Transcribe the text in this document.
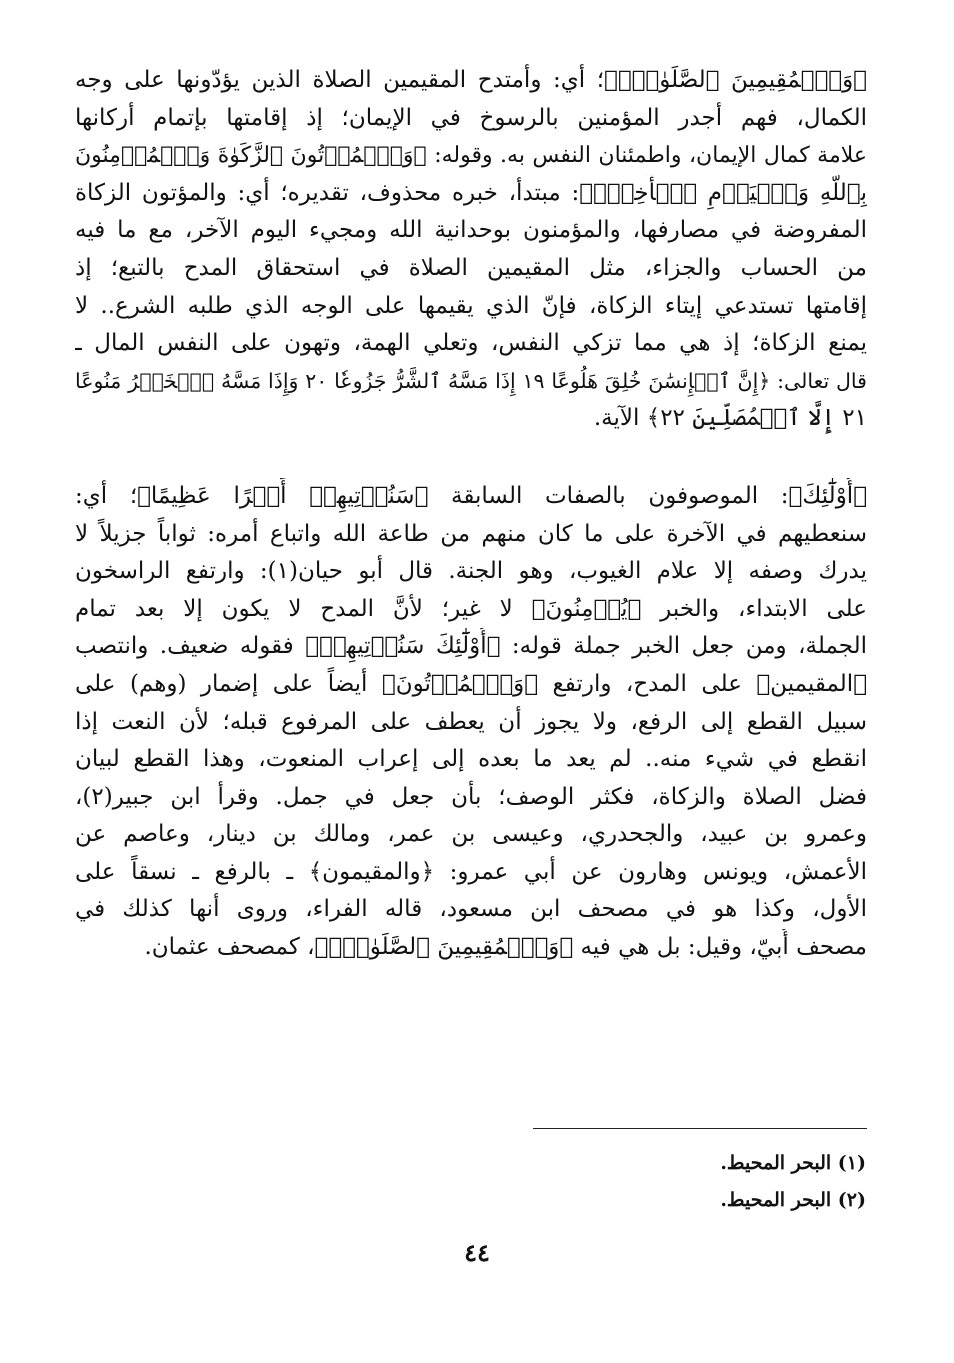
﴿وَٱلۡمُقِيمِينَ ٱلصَّلَوٰةَۚ﴾؛ أي: وأمتدح المقيمين الصلاة الذين يؤدّونها على وجه
الكمال، فهم أجدر المؤمنين بالرسوخ في الإيمان؛ إذ إقامتها بإتمام أركانها
علامة كمال الإيمان، واطمئنان النفس به. وقوله: ﴿وَٱلۡمُؤۡتُونَ ٱلزَّكَوٰةَ وَٱلۡمُؤۡمِنُونَ
بِٱللَّهِ وَٱلۡيَوۡمِ ٱلۡأٓخِرِۚ﴾: مبتدأ، خبره محذوف، تقديره؛ أي: والمؤتون الزكاة
المفروضة في مصارفها، والمؤمنون بوحدانية الله ومجيء اليوم الآخر، مع ما فيه
من الحساب والجزاء، مثل المقيمين الصلاة في استحقاق المدح بالتبع؛ إذ
إقامتها تستدعي إيتاء الزكاة، فإنّ الذي يقيمها على الوجه الذي طلبه الشرع.. لا
يمنع الزكاة؛ إذ هي مما تزكي النفس، وتعلي الهمة، وتهون على النفس المال ـ
قال تعالى: ﴿إِنَّ ٱلۡإِنسَٰنَ خُلِقَ هَلُوعًا ١٩ إِذَا مَسَّهُ ٱلشَّرُّ جَزُوعٗا ٢٠ وَإِذَا مَسَّهُ ٱلۡخَيۡرُ مَنُوعًا
٢١ إِلَّا ٱلۡمُصَلِّينَ ٢٢﴾ الآية.

﴿أُوْلَٰٓئِكَ﴾: الموصوفون بالصفات السابقة ﴿سَنُؤۡتِيهِمۡ أَجۡرًا عَظِيمًا﴾؛ أي:
سنعطيهم في الآخرة على ما كان منهم من طاعة الله واتباع أمره: ثواباً جزيلاً لا
يدرك وصفه إلا علام الغيوب، وهو الجنة. قال أبو حيان(١): وارتفع الراسخون
على الابتداء، والخبر ﴿يُؤۡمِنُونَ﴾ لا غير؛ لأنَّ المدح لا يكون إلا بعد تمام
الجملة، ومن جعل الخبر جملة قوله: ﴿أُوْلَٰٓئِكَ سَنُؤۡتِيهِمۡ﴾ فقوله ضعيف. وانتصب
﴿المقيمين﴾ على المدح، وارتفع ﴿وَٱلۡمُؤۡتُونَ﴾ أيضاً على إضمار (وهم) على
سبيل القطع إلى الرفع، ولا يجوز أن يعطف على المرفوع قبله؛ لأن النعت إذا
انقطع في شيء منه.. لم يعد ما بعده إلى إعراب المنعوت، وهذا القطع لبيان
فضل الصلاة والزكاة، فكثر الوصف؛ بأن جعل في جمل. وقرأ ابن جبير(٢)،
وعمرو بن عبيد، والجحدري، وعيسى بن عمر، ومالك بن دينار، وعاصم عن
الأعمش، ويونس وهارون عن أبي عمرو: ﴿والمقيمون﴾ ـ بالرفع ـ نسقاً على
الأول، وكذا هو في مصحف ابن مسعود، قاله الفراء، وروى أنها كذلك في
مصحف أُبيّ، وقيل: بل هي فيه ﴿وَٱلۡمُقِيمِينَ ٱلصَّلَوٰةَۚ﴾، كمصحف عثمان.

(١) البحر المحيط.
(٢) البحر المحيط.
٤٤
